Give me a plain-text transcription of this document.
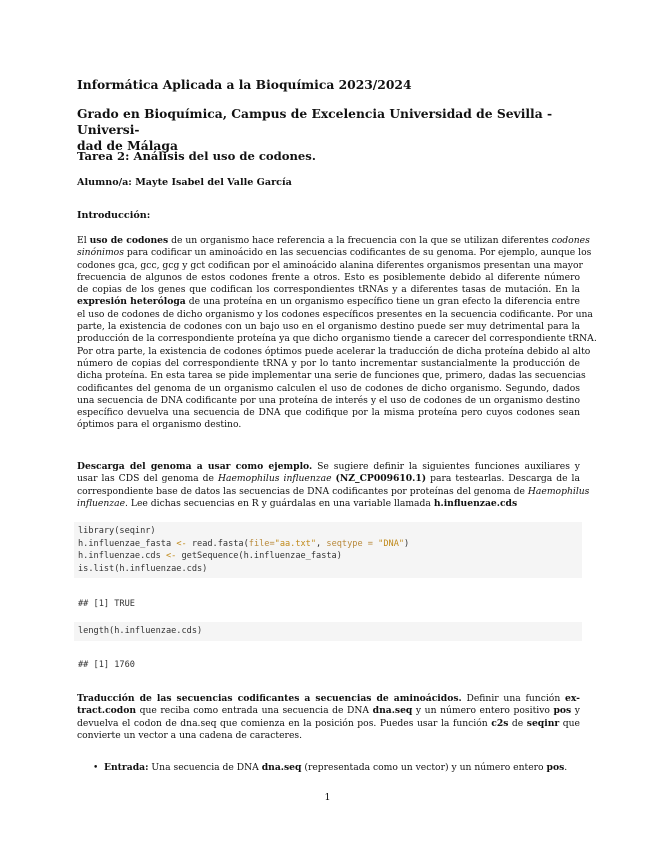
Informática Aplicada a la Bioquímica 2023/2024
Grado en Bioquímica, Campus de Excelencia Universidad de Sevilla - Universi-
dad de Málaga
Tarea 2: Análisis del uso de codones.
Alumno/a: Mayte Isabel del Valle García
Introducción:
El uso de codones de un organismo hace referencia a la frecuencia con la que se utilizan diferentes codones
sinónimos para codificar un aminoácido en las secuencias codificantes de su genoma. Por ejemplo, aunque los
codones gca, gcc, gcg y gct codifican por el aminoácido alanina diferentes organismos presentan una mayor
frecuencia de algunos de estos codones frente a otros. Esto es posiblemente debido al diferente número
de copias de los genes que codifican los correspondientes tRNAs y a diferentes tasas de mutación. En la
expresión heteróloga de una proteína en un organismo específico tiene un gran efecto la diferencia entre
el uso de codones de dicho organismo y los codones específicos presentes en la secuencia codificante. Por una
parte, la existencia de codones con un bajo uso en el organismo destino puede ser muy detrimental para la
producción de la correspondiente proteína ya que dicho organismo tiende a carecer del correspondiente tRNA.
Por otra parte, la existencia de codones óptimos puede acelerar la traducción de dicha proteína debido al alto
número de copias del correspondiente tRNA y por lo tanto incrementar sustancialmente la producción de
dicha proteína. En esta tarea se pide implementar una serie de funciones que, primero, dadas las secuencias
codificantes del genoma de un organismo calculen el uso de codones de dicho organismo. Segundo, dados
una secuencia de DNA codificante por una proteína de interés y el uso de codones de un organismo destino
específico devuelva una secuencia de DNA que codifique por la misma proteína pero cuyos codones sean
óptimos para el organismo destino.
Descarga del genoma a usar como ejemplo. Se sugiere definir la siguientes funciones auxiliares y
usar las CDS del genoma de Haemophilus influenzae (NZ_CP009610.1) para testearlas. Descarga de la
correspondiente base de datos las secuencias de DNA codificantes por proteínas del genoma de Haemophilus
influenzae. Lee dichas secuencias en R y guárdalas en una variable llamada h.influenzae.cds
library(seqinr)
h.influenzae_fasta <- read.fasta(file="aa.txt", seqtype = "DNA")
h.influenzae.cds <- getSequence(h.influenzae_fasta)
is.list(h.influenzae.cds)
## [1] TRUE
length(h.influenzae.cds)
## [1] 1760
Traducción de las secuencias codificantes a secuencias de aminoácidos. Definir una función ex-
tract.codon que reciba como entrada una secuencia de DNA dna.seq y un número entero positivo pos y
devuelva el codon de dna.seq que comienza en la posición pos. Puedes usar la función c2s de seqinr que
convierte un vector a una cadena de caracteres.
• Entrada: Una secuencia de DNA dna.seq (representada como un vector) y un número entero pos.
1
